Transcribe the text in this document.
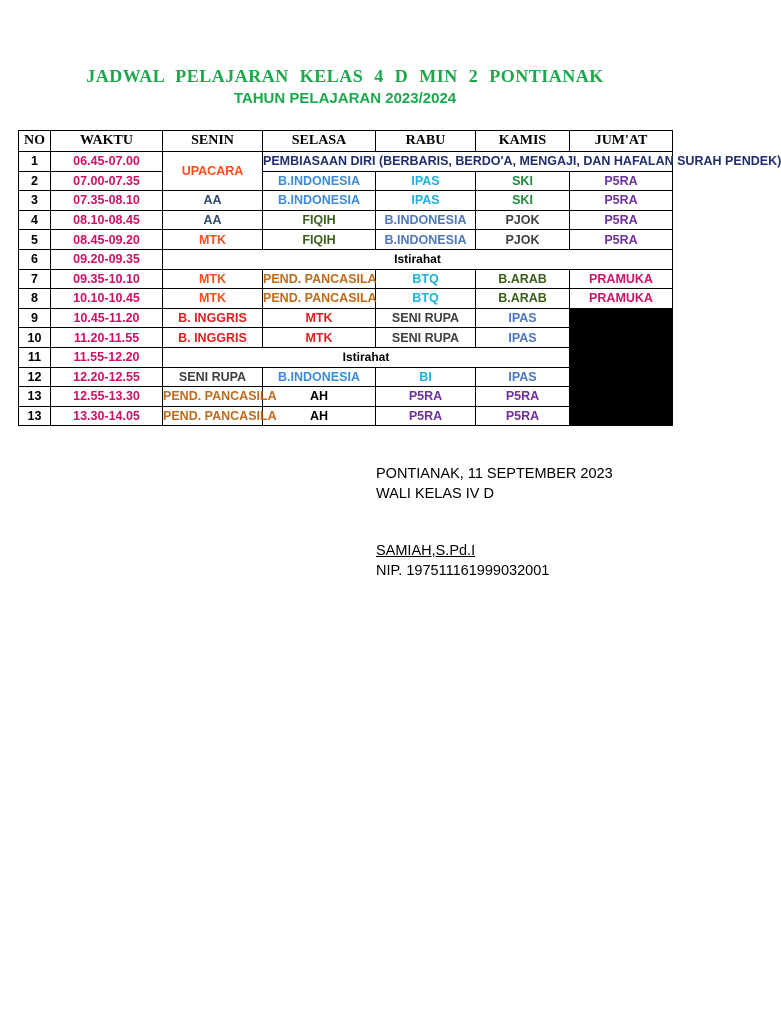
JADWAL PELAJARAN KELAS 4 D MIN 2 PONTIANAK
TAHUN PELAJARAN 2023/2024
NO	WAKTU	SENIN	SELASA	RABU	KAMIS	JUM'AT
1	06.45-07.00	UPACARA	PEMBIASAAN DIRI (BERBARIS, BERDO'A, MENGAJI, DAN HAFALAN SURAH PENDEK)			
2	07.00-07.35		B.INDONESIA	IPAS	SKI	P5RA
3	07.35-08.10	AA	B.INDONESIA	IPAS	SKI	P5RA
4	08.10-08.45	AA	FIQIH	B.INDONESIA	PJOK	P5RA
5	08.45-09.20	MTK	FIQIH	B.INDONESIA	PJOK	P5RA
6	09.20-09.35	Istirahat				
7	09.35-10.10	MTK	PEND. PANCASILA	BTQ	B.ARAB	PRAMUKA
8	10.10-10.45	MTK	PEND. PANCASILA	BTQ	B.ARAB	PRAMUKA
9	10.45-11.20	B. INGGRIS	MTK	SENI RUPA	IPAS	
10	11.20-11.55	B. INGGRIS	MTK	SENI RUPA	IPAS	
11	11.55-12.20	Istirahat				
12	12.20-12.55	SENI RUPA	B.INDONESIA	BI	IPAS	
13	12.55-13.30	PEND. PANCASILA	AH	P5RA	P5RA	
13	13.30-14.05	PEND. PANCASILA	AH	P5RA	P5RA	
PONTIANAK, 11 SEPTEMBER 2023
WALI KELAS IV D
SAMIAH,S.Pd.I
NIP. 197511161999032001
